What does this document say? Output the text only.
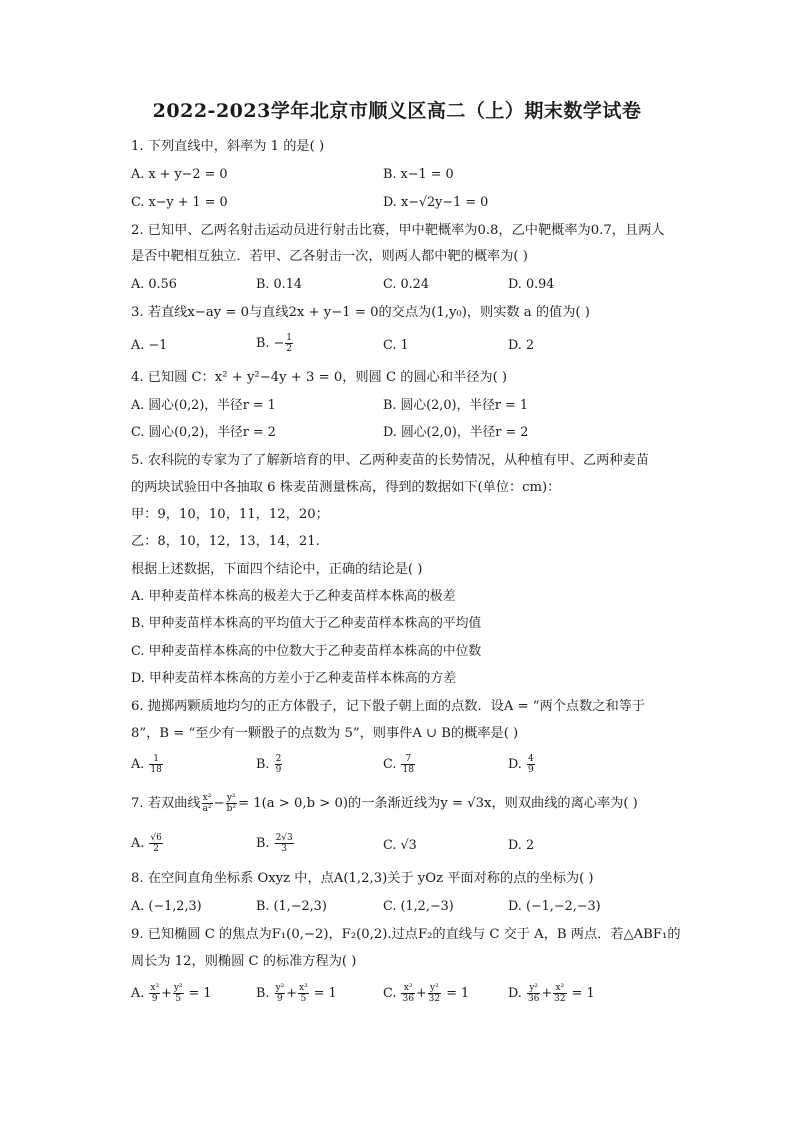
2022-2023学年北京市顺义区高二（上）期末数学试卷
1. 下列直线中，斜率为 1 的是( )
A. x + y−2 = 0	B. x−1 = 0
C. x−y + 1 = 0	D. x−√2y−1 = 0
2. 已知甲、乙两名射击运动员进行射击比赛，甲中靶概率为0.8，乙中靶概率为0.7，且两人
是否中靶相互独立．若甲、乙各射击一次，则两人都中靶的概率为( )
A. 0.56	B. 0.14	C. 0.24	D. 0.94
3. 若直线x−ay = 0与直线2x + y−1 = 0的交点为(1,y₀)，则实数 a 的值为( )
A. −1	B. − $\frac{1}{2}$	C. 1	D. 2
4. 已知圆 C：x² + y²−4y + 3 = 0，则圆 C 的圆心和半径为( )
A. 圆心(0,2)，半径r = 1	B. 圆心(2,0)，半径r = 1
C. 圆心(0,2)，半径r = 2	D. 圆心(2,0)，半径r = 2
5. 农科院的专家为了了解新培育的甲、乙两种麦苗的长势情况，从种植有甲、乙两种麦苗
的两块试验田中各抽取 6 株麦苗测量株高，得到的数据如下(单位：cm)：
甲：9，10，10，11，12，20；
乙：8，10，12，13，14，21.
根据上述数据，下面四个结论中，正确的结论是( )
A. 甲种麦苗样本株高的极差大于乙种麦苗样本株高的极差
B. 甲种麦苗样本株高的平均值大于乙种麦苗样本株高的平均值
C. 甲种麦苗样本株高的中位数大于乙种麦苗样本株高的中位数
D. 甲种麦苗样本株高的方差小于乙种麦苗样本株高的方差
6. 抛掷两颗质地均匀的正方体骰子，记下骰子朝上面的点数．设A = “两个点数之和等于
8”，B = “至少有一颗骰子的点数为 5”，则事件A ∪ B的概率是( )
A. $\frac{1}{18}$	B. $\frac{2}{9}$	C. $\frac{7}{18}$	D. $\frac{4}{9}$
7. 若双曲线 $\frac{\text{x²}}{\text{a²}} - \frac{\text{y²}}{\text{b²}} = 1(a > 0,b > 0)$的一条渐近线为y = √3x，则双曲线的离心率为( )
A. $\frac{√6}{2}$	B. $\frac{2√3}{3}$	C. √3	D. 2
8. 在空间直角坐标系 Oxyz 中，点A(1,2,3)关于 yOz 平面对称的点的坐标为( )
A. (−1,2,3)	B. (1,−2,3)	C. (1,2,−3)	D. (−1,−2,−3)
9. 已知椭圆 C 的焦点为F₁(0,−2)，F₂(0,2).过点F₂的直线与 C 交于 A，B 两点．若△ABF₁的
周长为 12，则椭圆 C 的标准方程为( )
A. $\frac{\text{x²}}{9} + \frac{\text{y²}}{5} = 1$	B. $\frac{\text{y²}}{9} + \frac{\text{x²}}{5} = 1$	C. $\frac{\text{x²}}{36} + \frac{\text{y²}}{32} = 1$	D. $\frac{\text{y²}}{36} + \frac{\text{x²}}{32} = 1$
